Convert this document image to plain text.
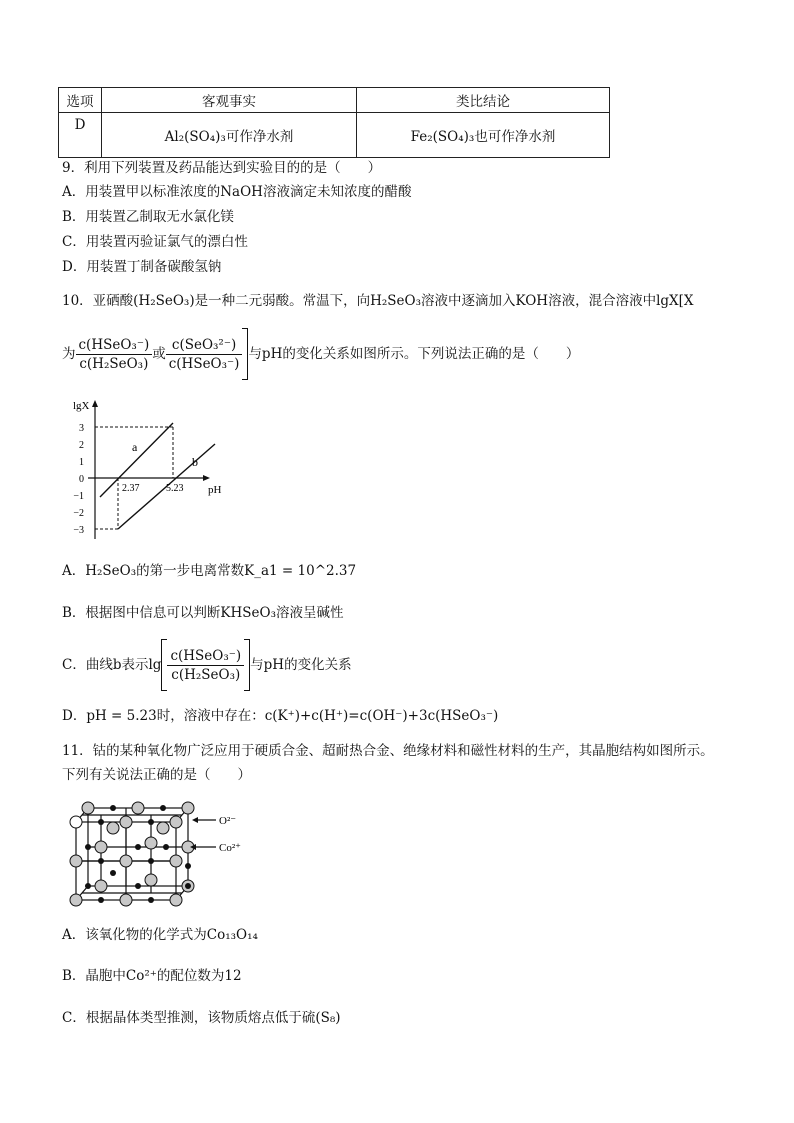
选项	客观事实	类比结论
D	Al₂(SO₄)₃可作净水剂	Fe₂(SO₄)₃也可作净水剂
9．利用下列装置及药品能达到实验目的的是（　　）
A．用装置甲以标准浓度的NaOH溶液滴定未知浓度的醋酸
B．用装置乙制取无水氯化镁
C．用装置丙验证氯气的漂白性
D．用装置丁制备碳酸氢钠
10．亚硒酸(H₂SeO₃)是一种二元弱酸。常温下，向H₂SeO₃溶液中逐滴加入KOH溶液，混合溶液中lgX[X
为 $\frac{\text{c(HSeO₃⁻)}}{\text{c(H₂SeO₃)}}$ 或 $\frac{\text{c(SeO₃²⁻)}}{\text{c(HSeO₃⁻)}}$ 与pH的变化关系如图所示。下列说法正确的是（　　）
lgX
pH
a
b
3
2
1
0
−1
−2
−3
2.37	5.23
A．H₂SeO₃的第一步电离常数K_a1 = 10^2.37
B．根据图中信息可以判断KHSeO₃溶液呈碱性
C．曲线b表示$\lg \frac{\text{c(HSeO₃⁻)}}{\text{c(H₂SeO₃)}}$ 与pH的变化关系
D．pH = 5.23时，溶液中存在：c(K⁺)+c(H⁺)=c(OH⁻)+3c(HSeO₃⁻)
11．钴的某种氧化物广泛应用于硬质合金、超耐热合金、绝缘材料和磁性材料的生产，其晶胞结构如图所示。
下列有关说法正确的是（　　）
O²⁻
Co²⁺
A．该氧化物的化学式为Co₁₃O₁₄
B．晶胞中Co²⁺的配位数为12
C．根据晶体类型推测，该物质熔点低于硫(S₈)
